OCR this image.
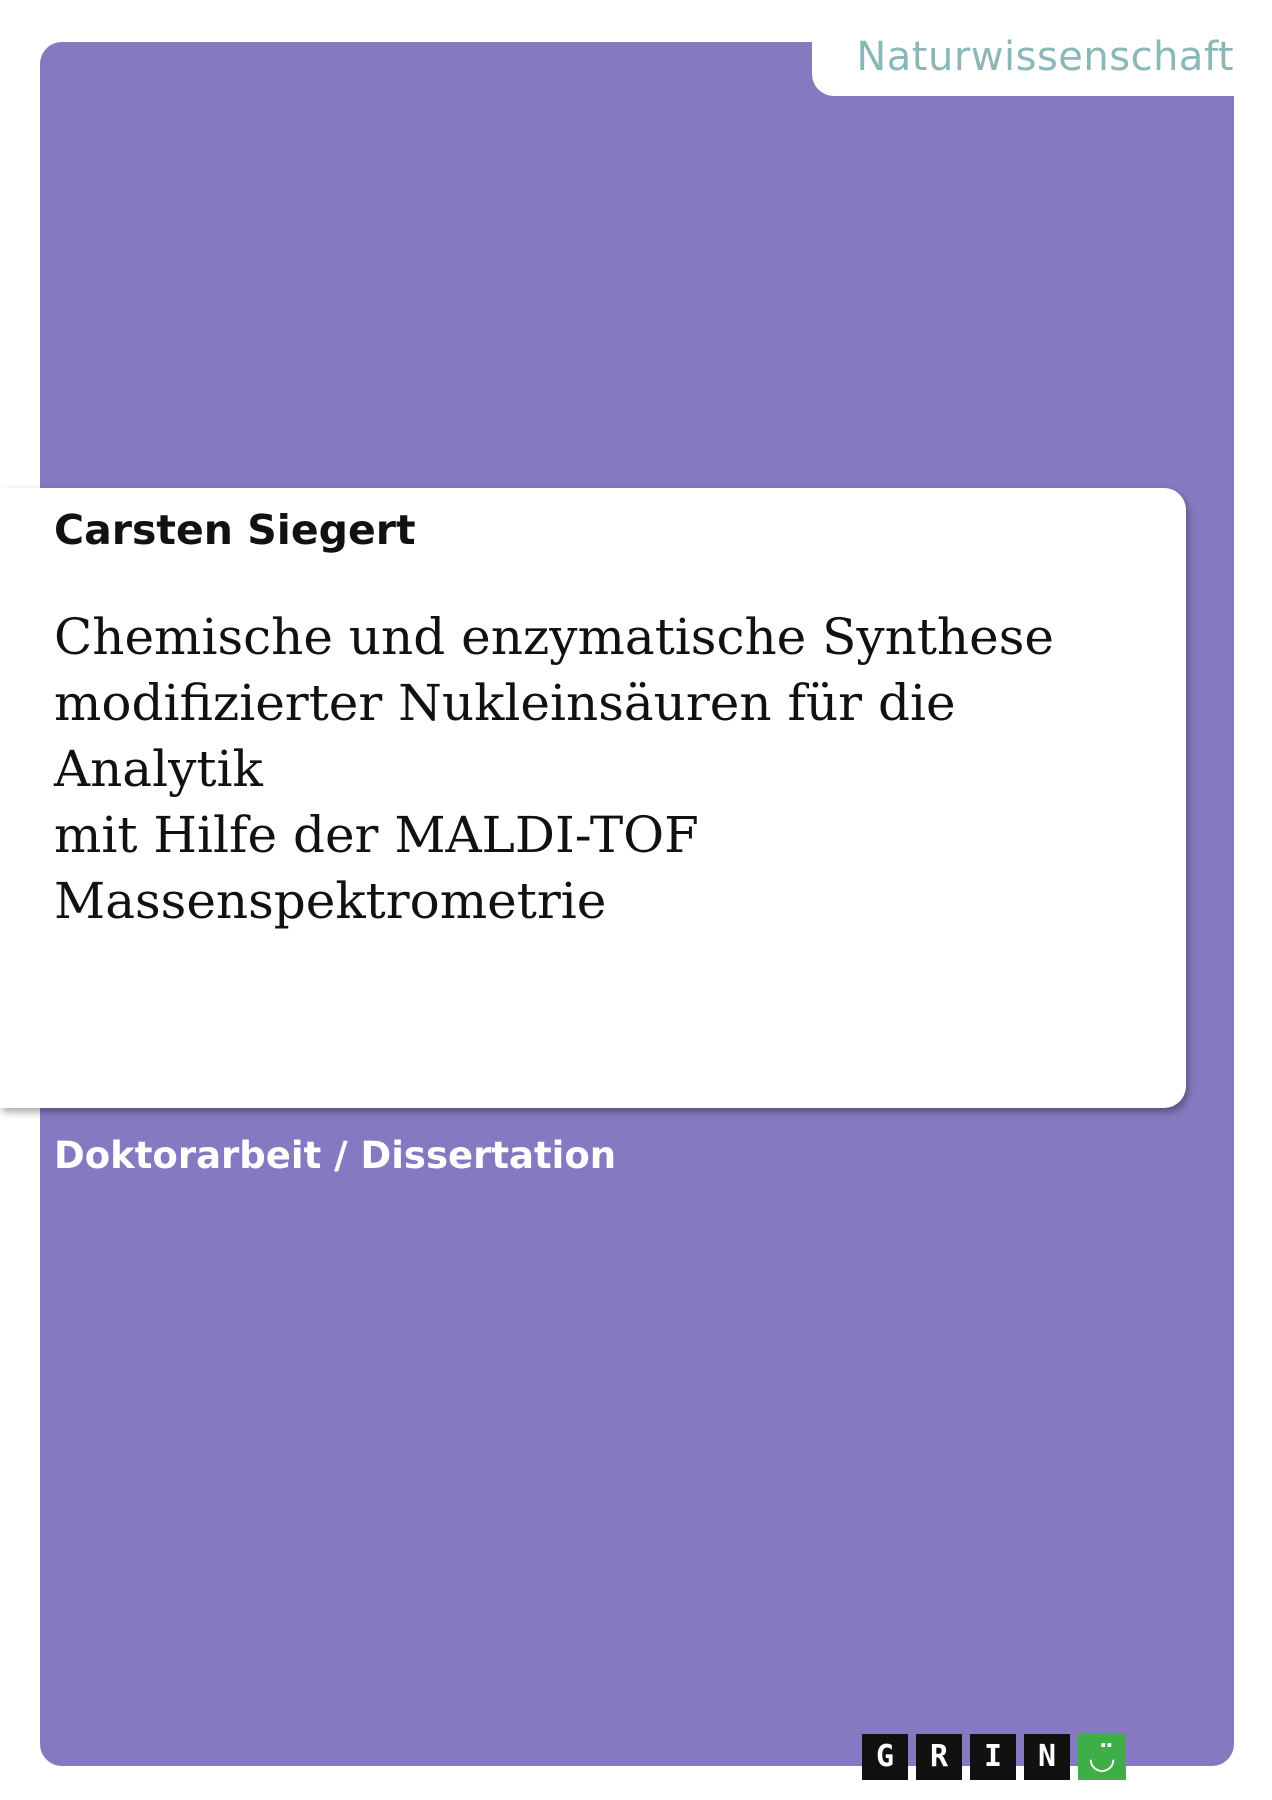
Naturwissenschaft
Carsten Siegert
Chemische und enzymatische Synthese
modifizierter Nukleinsäuren für die Analytik
mit Hilfe der MALDI-TOF
Massenspektrometrie
Doktorarbeit / Dissertation
G	R	I	N	◡̈
